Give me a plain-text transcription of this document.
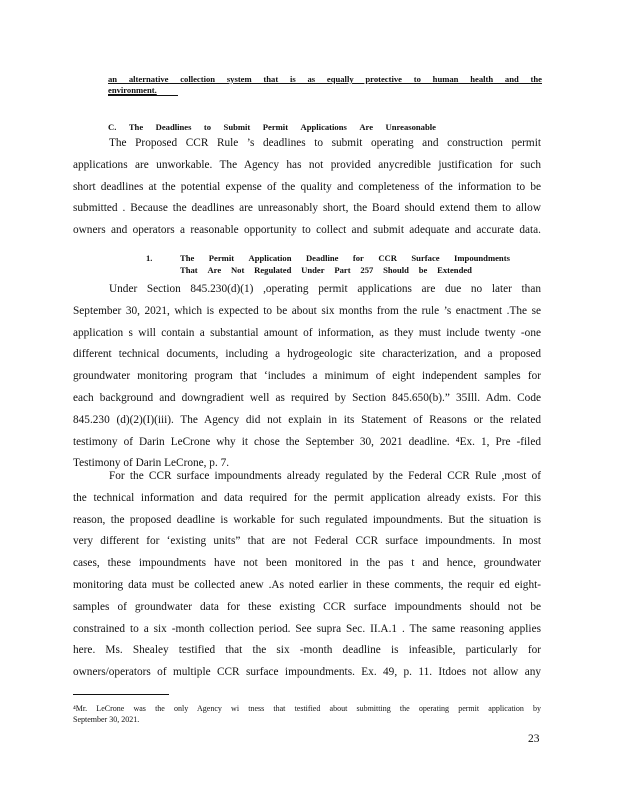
an alternative collection system that is as equally protective to human health and the
environment.
C. The Deadlines to Submit Permit Applications Are Unreasonable
The Proposed CCR Rule ’s deadlines to submit operating and construction permit
applications are unworkable. The Agency has not provided anycredible justification for such
short deadlines at the potential expense of the quality and completeness of the information to be
submitted . Because the deadlines are unreasonably short, the Board should extend them to allow
owners and operators a reasonable opportunity to collect and submit adequate and accurate data.
1.	The Permit Application Deadline for CCR Surface Impoundments
That Are Not Regulated Under Part 257 Should be Extended
Under Section 845.230(d)(1) ,operating permit applications are due no later than
September 30, 2021, which is expected to be about six months from the rule ’s enactment .The se
application s will contain a substantial amount of information, as they must include twenty -one
different technical documents, including a hydrogeologic site characterization, and a proposed
groundwater monitoring program that ‘includes a minimum of eight independent samples for
each background and downgradient well as required by Section 845.650(b).” 35Ill. Adm. Code
845.230 (d)(2)(I)(iii). The Agency did not explain in its Statement of Reasons or the related
testimony of Darin LeCrone why it chose the September 30, 2021 deadline. ⁴Ex. 1, Pre -filed
Testimony of Darin LeCrone, p. 7.
For the CCR surface impoundments already regulated by the Federal CCR Rule ,most of
the technical information and data required for the permit application already exists. For this
reason, the proposed deadline is workable for such regulated impoundments. But the situation is
very different for ‘existing units” that are not Federal CCR surface impoundments. In most
cases, these impoundments have not been monitored in the pas t and hence, groundwater
monitoring data must be collected anew .As noted earlier in these comments, the requir ed eight-
samples of groundwater data for these existing CCR surface impoundments should not be
constrained to a six -month collection period. See supra Sec. II.A.1 . The same reasoning applies
here. Ms. Shealey testified that the six -month deadline is infeasible, particularly for
owners/operators of multiple CCR surface impoundments. Ex. 49, p. 11. Itdoes not allow any
⁴Mr. LeCrone was the only Agency wi tness that testified about submitting the operating permit application by
September 30, 2021.
23
